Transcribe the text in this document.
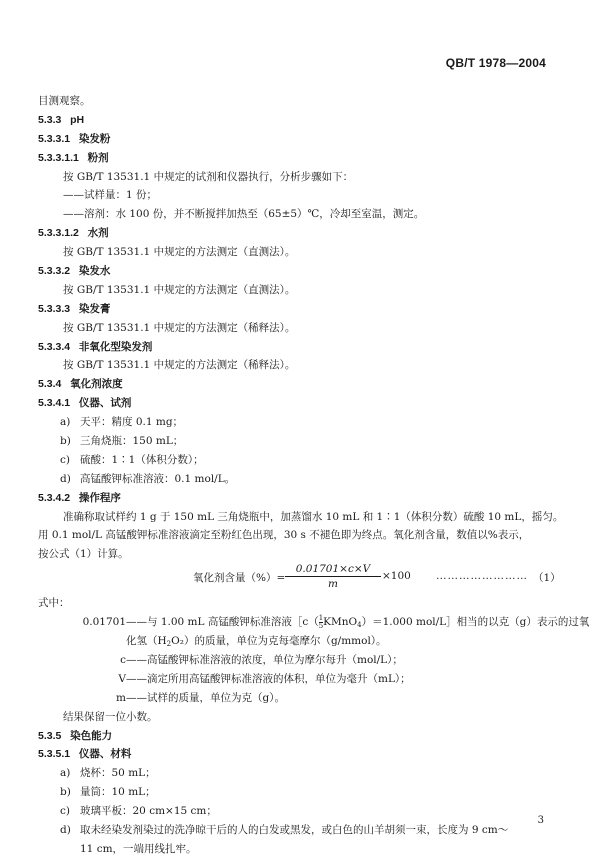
QB/T 1978—2004
目测观察。
5.3.3 pH
5.3.3.1 染发粉
5.3.3.1.1 粉剂
按 GB/T 13531.1 中规定的试剂和仪器执行，分析步骤如下：
——试样量：1 份；
——溶剂：水 100 份，并不断搅拌加热至（65±5）℃，冷却至室温，测定。
5.3.3.1.2 水剂
按 GB/T 13531.1 中规定的方法测定（直测法）。
5.3.3.2 染发水
按 GB/T 13531.1 中规定的方法测定（直测法）。
5.3.3.3 染发膏
按 GB/T 13531.1 中规定的方法测定（稀释法）。
5.3.3.4 非氧化型染发剂
按 GB/T 13531.1 中规定的方法测定（稀释法）。
5.3.4 氧化剂浓度
5.3.4.1 仪器、试剂
a) 天平：精度 0.1 mg；
b) 三角烧瓶：150 mL；
c) 硫酸：1∶1（体积分数）；
d) 高锰酸钾标准溶液：0.1 mol/L。
5.3.4.2 操作程序
准确称取试样约 1 g 于 150 mL 三角烧瓶中，加蒸馏水 10 mL 和 1∶1（体积分数）硫酸 10 mL，摇匀。
用 0.1 mol/L 高锰酸钾标准溶液滴定至粉红色出现，30 s 不褪色即为终点。氧化剂含量，数值以%表示，
按公式（1）计算。
氧化剂含量（%）= $\frac{0.01701\times c\times V}{m} \times 100$ …………………… （1）
式中：
0.01701 ——与 1.00 mL 高锰酸钾标准溶液［c（ $\frac{1}{5}$ KMnO$_4$）＝1.000 mol/L］相当的以克（g）表示的过氧
化氢$(H_2O_2)$的质量，单位为克每毫摩尔（g/mmol）。
c ——高锰酸钾标准溶液的浓度，单位为摩尔每升（mol/L）；
V ——滴定所用高锰酸钾标准溶液的体积，单位为毫升（mL）；
m ——试样的质量，单位为克（g）。
结果保留一位小数。
5.3.5 染色能力
5.3.5.1 仪器、材料
a) 烧杯：50 mL；
b) 量筒：10 mL；
c) 玻璃平板：20 cm×15 cm；
d) 取未经染发剂染过的洗净晾干后的人的白发或黑发，或白色的山羊胡须一束，长度为 9 cm～
11 cm，一端用线扎牢。
3
